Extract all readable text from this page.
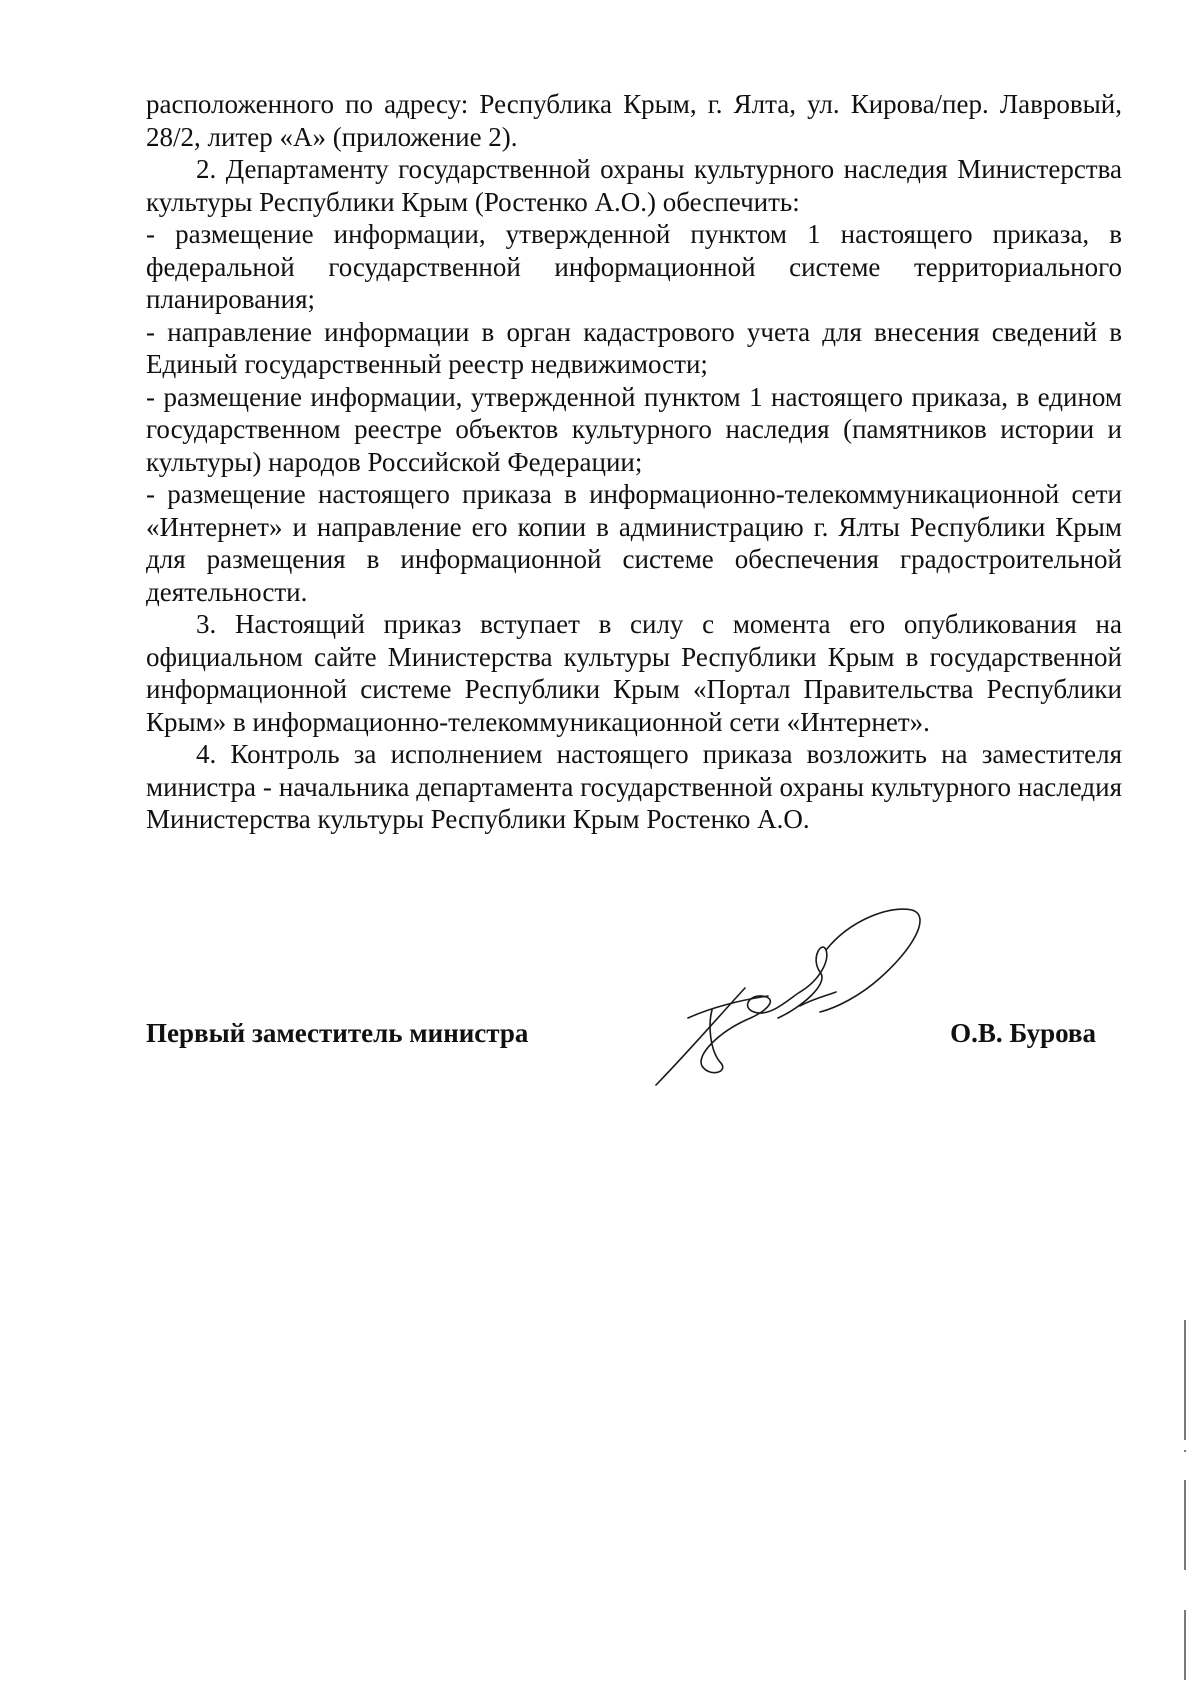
расположенного по адресу: Республика Крым, г. Ялта, ул. Кирова/пер. Лавровый, 28/2, литер «А» (приложение 2).

2. Департаменту государственной охраны культурного наследия Министерства культуры Республики Крым (Ростенко А.О.) обеспечить:

- размещение информации, утвержденной пунктом 1 настоящего приказа, в федеральной государственной информационной системе территориального планирования;

- направление информации в орган кадастрового учета для внесения сведений в Единый государственный реестр недвижимости;

- размещение информации, утвержденной пунктом 1 настоящего приказа, в едином государственном реестре объектов культурного наследия (памятников истории и культуры) народов Российской Федерации;

- размещение настоящего приказа в информационно-телекоммуникационной сети «Интернет» и направление его копии в администрацию г. Ялты Республики Крым для размещения в информационной системе обеспечения градостроительной деятельности.

3. Настоящий приказ вступает в силу с момента его опубликования на официальном сайте Министерства культуры Республики Крым в государственной информационной системе Республики Крым «Портал Правительства Республики Крым» в информационно-телекоммуникационной сети «Интернет».

4. Контроль за исполнением настоящего приказа возложить на заместителя министра - начальника департамента государственной охраны культурного наследия Министерства культуры Республики Крым Ростенко А.О.

Первый заместитель министра	О.В. Бурова
